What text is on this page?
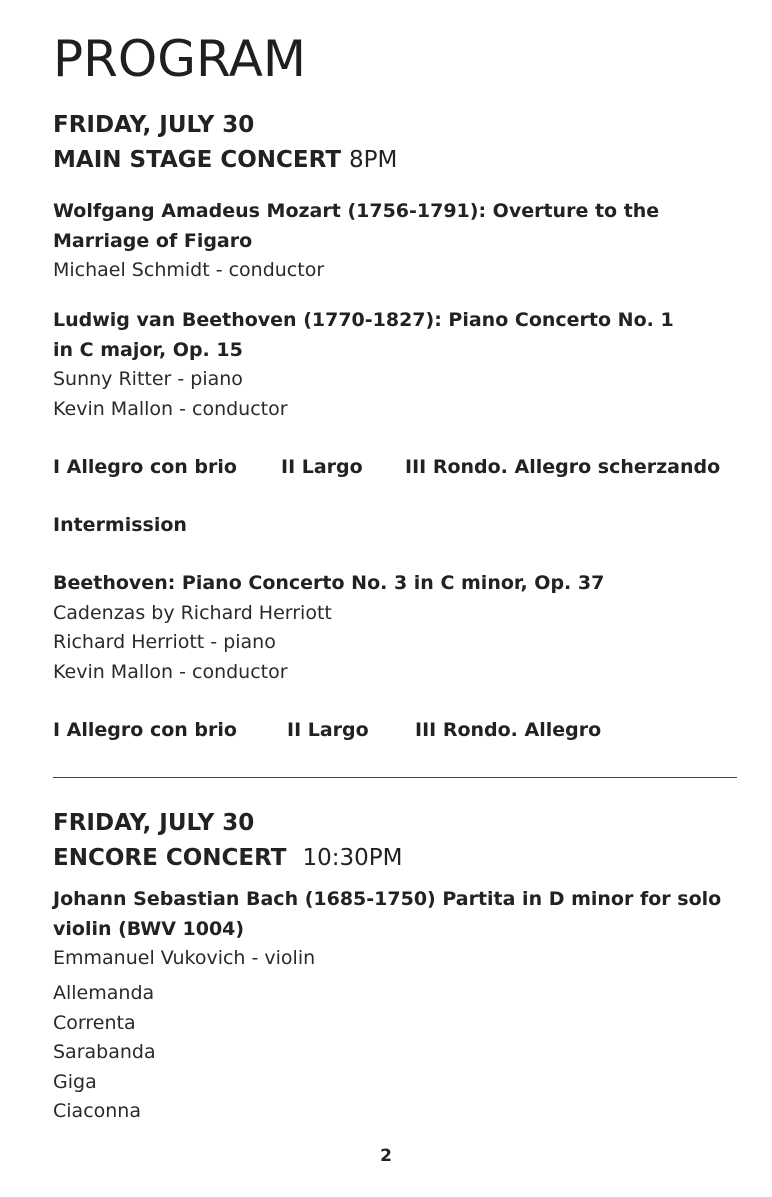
PROGRAM
FRIDAY, JULY 30
MAIN STAGE CONCERT 8PM
Wolfgang Amadeus Mozart (1756-1791): Overture to the Marriage of Figaro
Michael Schmidt - conductor
Ludwig van Beethoven (1770-1827): Piano Concerto No. 1 in C major, Op. 15
Sunny Ritter - piano
Kevin Mallon - conductor
I Allegro con brio II Largo III Rondo. Allegro scherzando
Intermission
Beethoven: Piano Concerto No. 3 in C minor, Op. 37
Cadenzas by Richard Herriott
Richard Herriott - piano
Kevin Mallon - conductor
I Allegro con brio	II Largo III Rondo. Allegro
FRIDAY, JULY 30
ENCORE CONCERT 10:30PM
Johann Sebastian Bach (1685-1750) Partita in D minor for solo violin (BWV 1004)
Emmanuel Vukovich - violin
Allemanda
Correnta
Sarabanda
Giga
Ciaconna
2
